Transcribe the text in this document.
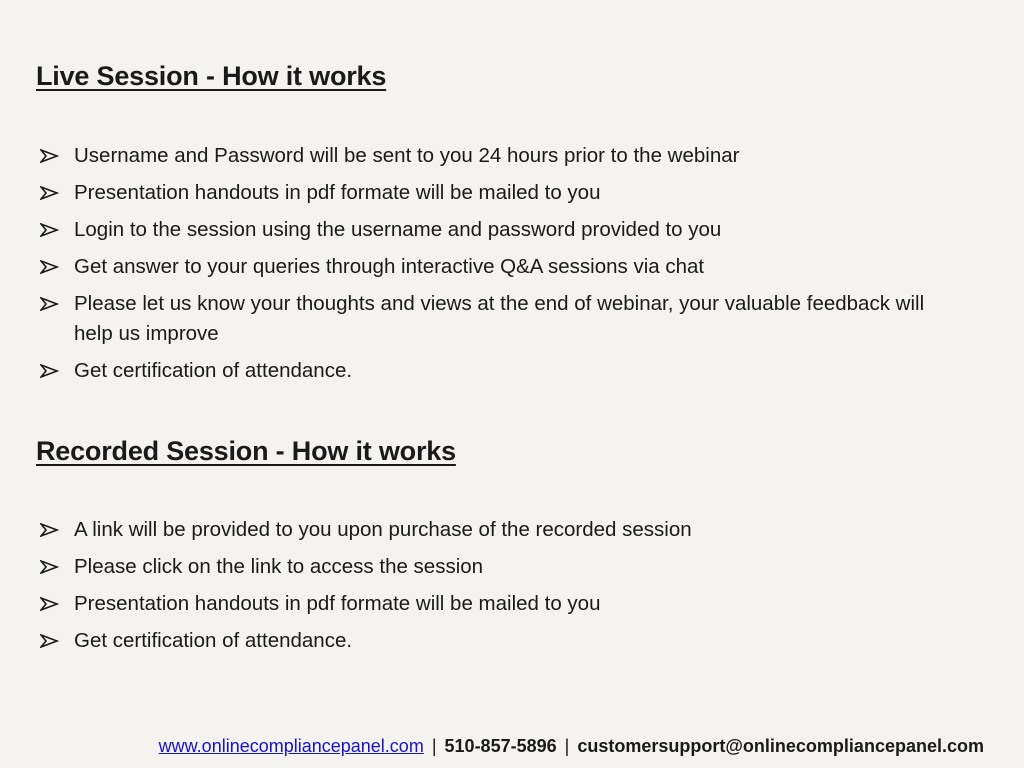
Live Session - How it works
Username and Password will be sent to you 24 hours prior to the webinar
Presentation handouts in pdf formate will be mailed to you
Login to the session using the username and password provided to you
Get answer to your queries through interactive Q&A sessions via chat
Please let us know your thoughts and views at the end of webinar, your valuable feedback will help us improve
Get certification of attendance.
Recorded Session - How it works
A link will be provided to you upon purchase of the recorded session
Please click on the link to access the session
Presentation handouts in pdf formate will be mailed to you
Get certification of attendance.
www.onlinecompliancepanel.com | 510-857-5896 | customersupport@onlinecompliancepanel.com
